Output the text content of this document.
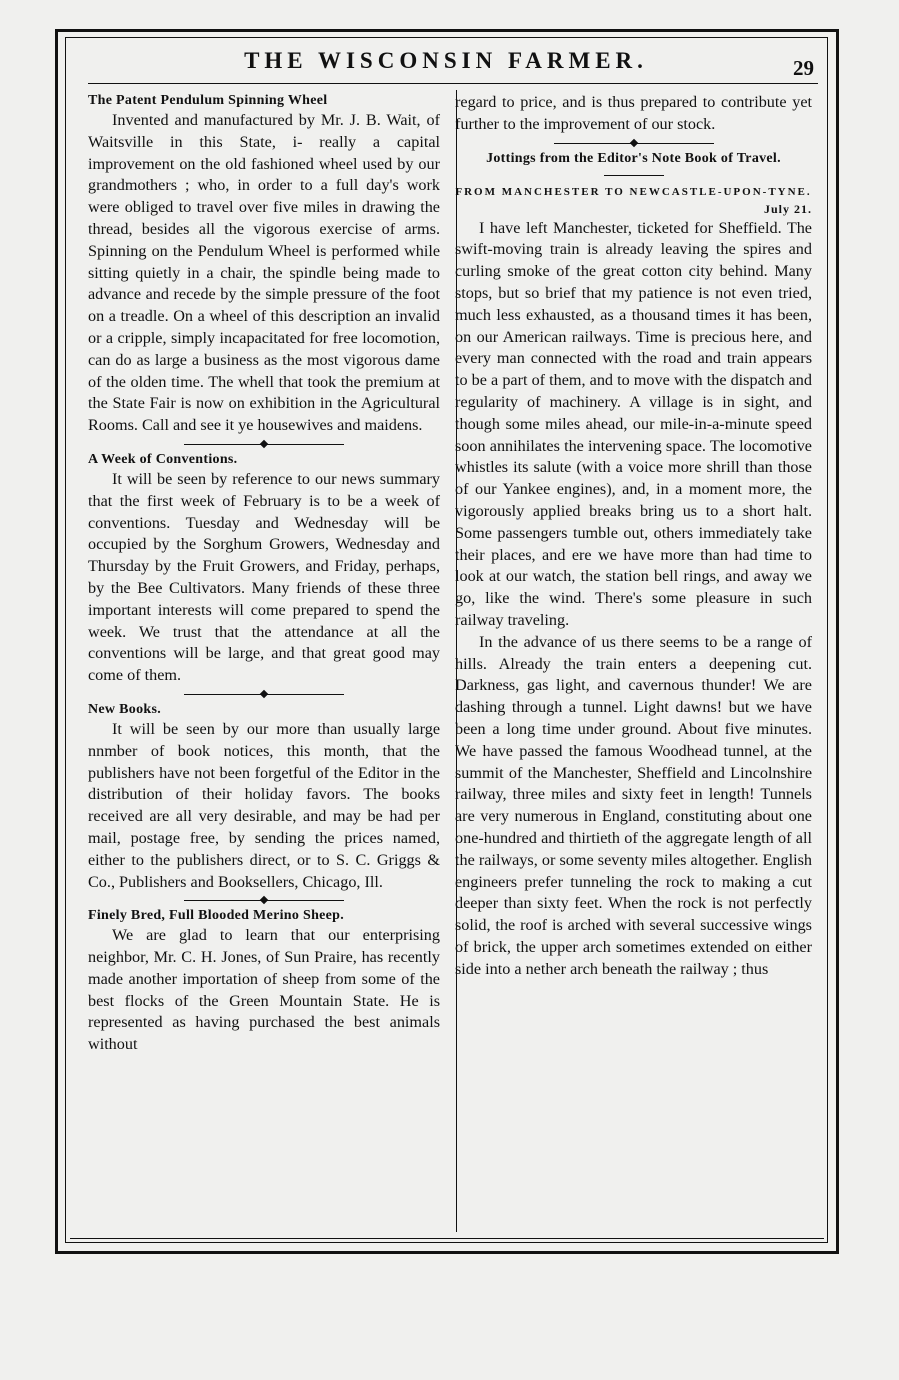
THE WISCONSIN FARMER.	29
The Patent Pendulum Spinning Wheel

Invented and manufactured by Mr. J. B. Wait, of Waitsville in this State, i- really a capital improvement on the old fashioned wheel used by our grandmothers ; who, in order to a full day's work were obliged to travel over five miles in drawing the thread, besides all the vigorous exercise of arms. Spinning on the Pendulum Wheel is performed while sitting quietly in a chair, the spindle being made to advance and recede by the simple pressure of the foot on a treadle. On a wheel of this description an invalid or a cripple, simply incapacitated for free locomotion, can do as large a business as the most vigorous dame of the olden time. The whell that took the premium at the State Fair is now on exhibition in the Agricultural Rooms. Call and see it ye housewives and maidens.

A Week of Conventions.

It will be seen by reference to our news summary that the first week of February is to be a week of conventions. Tuesday and Wednesday will be occupied by the Sorghum Growers, Wednesday and Thursday by the Fruit Growers, and Friday, perhaps, by the Bee Cultivators. Many friends of these three important interests will come prepared to spend the week. We trust that the attendance at all the conventions will be large, and that great good may come of them.

New Books.

It will be seen by our more than usually large nnmber of book notices, this month, that the publishers have not been forgetful of the Editor in the distribution of their holiday favors. The books received are all very desirable, and may be had per mail, postage free, by sending the prices named, either to the publishers direct, or to S. C. Griggs & Co., Publishers and Booksellers, Chicago, Ill.

Finely Bred, Full Blooded Merino Sheep.

We are glad to learn that our enterprising neighbor, Mr. C. H. Jones, of Sun Praire, has recently made another importation of sheep from some of the best flocks of the Green Mountain State. He is represented as having purchased the best animals without

regard to price, and is thus prepared to contribute yet further to the improvement of our stock.

Jottings from the Editor's Note Book of Travel.
FROM MANCHESTER TO NEWCASTLE-UPON-TYNE.
July 21.

I have left Manchester, ticketed for Sheffield. The swift-moving train is already leaving the spires and curling smoke of the great cotton city behind. Many stops, but so brief that my patience is not even tried, much less exhausted, as a thousand times it has been, on our American railways. Time is precious here, and every man connected with the road and train appears to be a part of them, and to move with the dispatch and regularity of machinery. A village is in sight, and though some miles ahead, our mile-in-a-minute speed soon annihilates the intervening space. The locomotive whistles its salute (with a voice more shrill than those of our Yankee engines), and, in a moment more, the vigorously applied breaks bring us to a short halt. Some passengers tumble out, others immediately take their places, and ere we have more than had time to look at our watch, the station bell rings, and away we go, like the wind. There's some pleasure in such railway traveling.

In the advance of us there seems to be a range of hills. Already the train enters a deepening cut. Darkness, gas light, and cavernous thunder! We are dashing through a tunnel. Light dawns! but we have been a long time under ground. About five minutes. We have passed the famous Woodhead tunnel, at the summit of the Manchester, Sheffield and Lincolnshire railway, three miles and sixty feet in length! Tunnels are very numerous in England, constituting about one one-hundred and thirtieth of the aggregate length of all the railways, or some seventy miles altogether. English engineers prefer tunneling the rock to making a cut deeper than sixty feet. When the rock is not perfectly solid, the roof is arched with several successive wings of brick, the upper arch sometimes extended on either side into a nether arch beneath the railway ; thus
